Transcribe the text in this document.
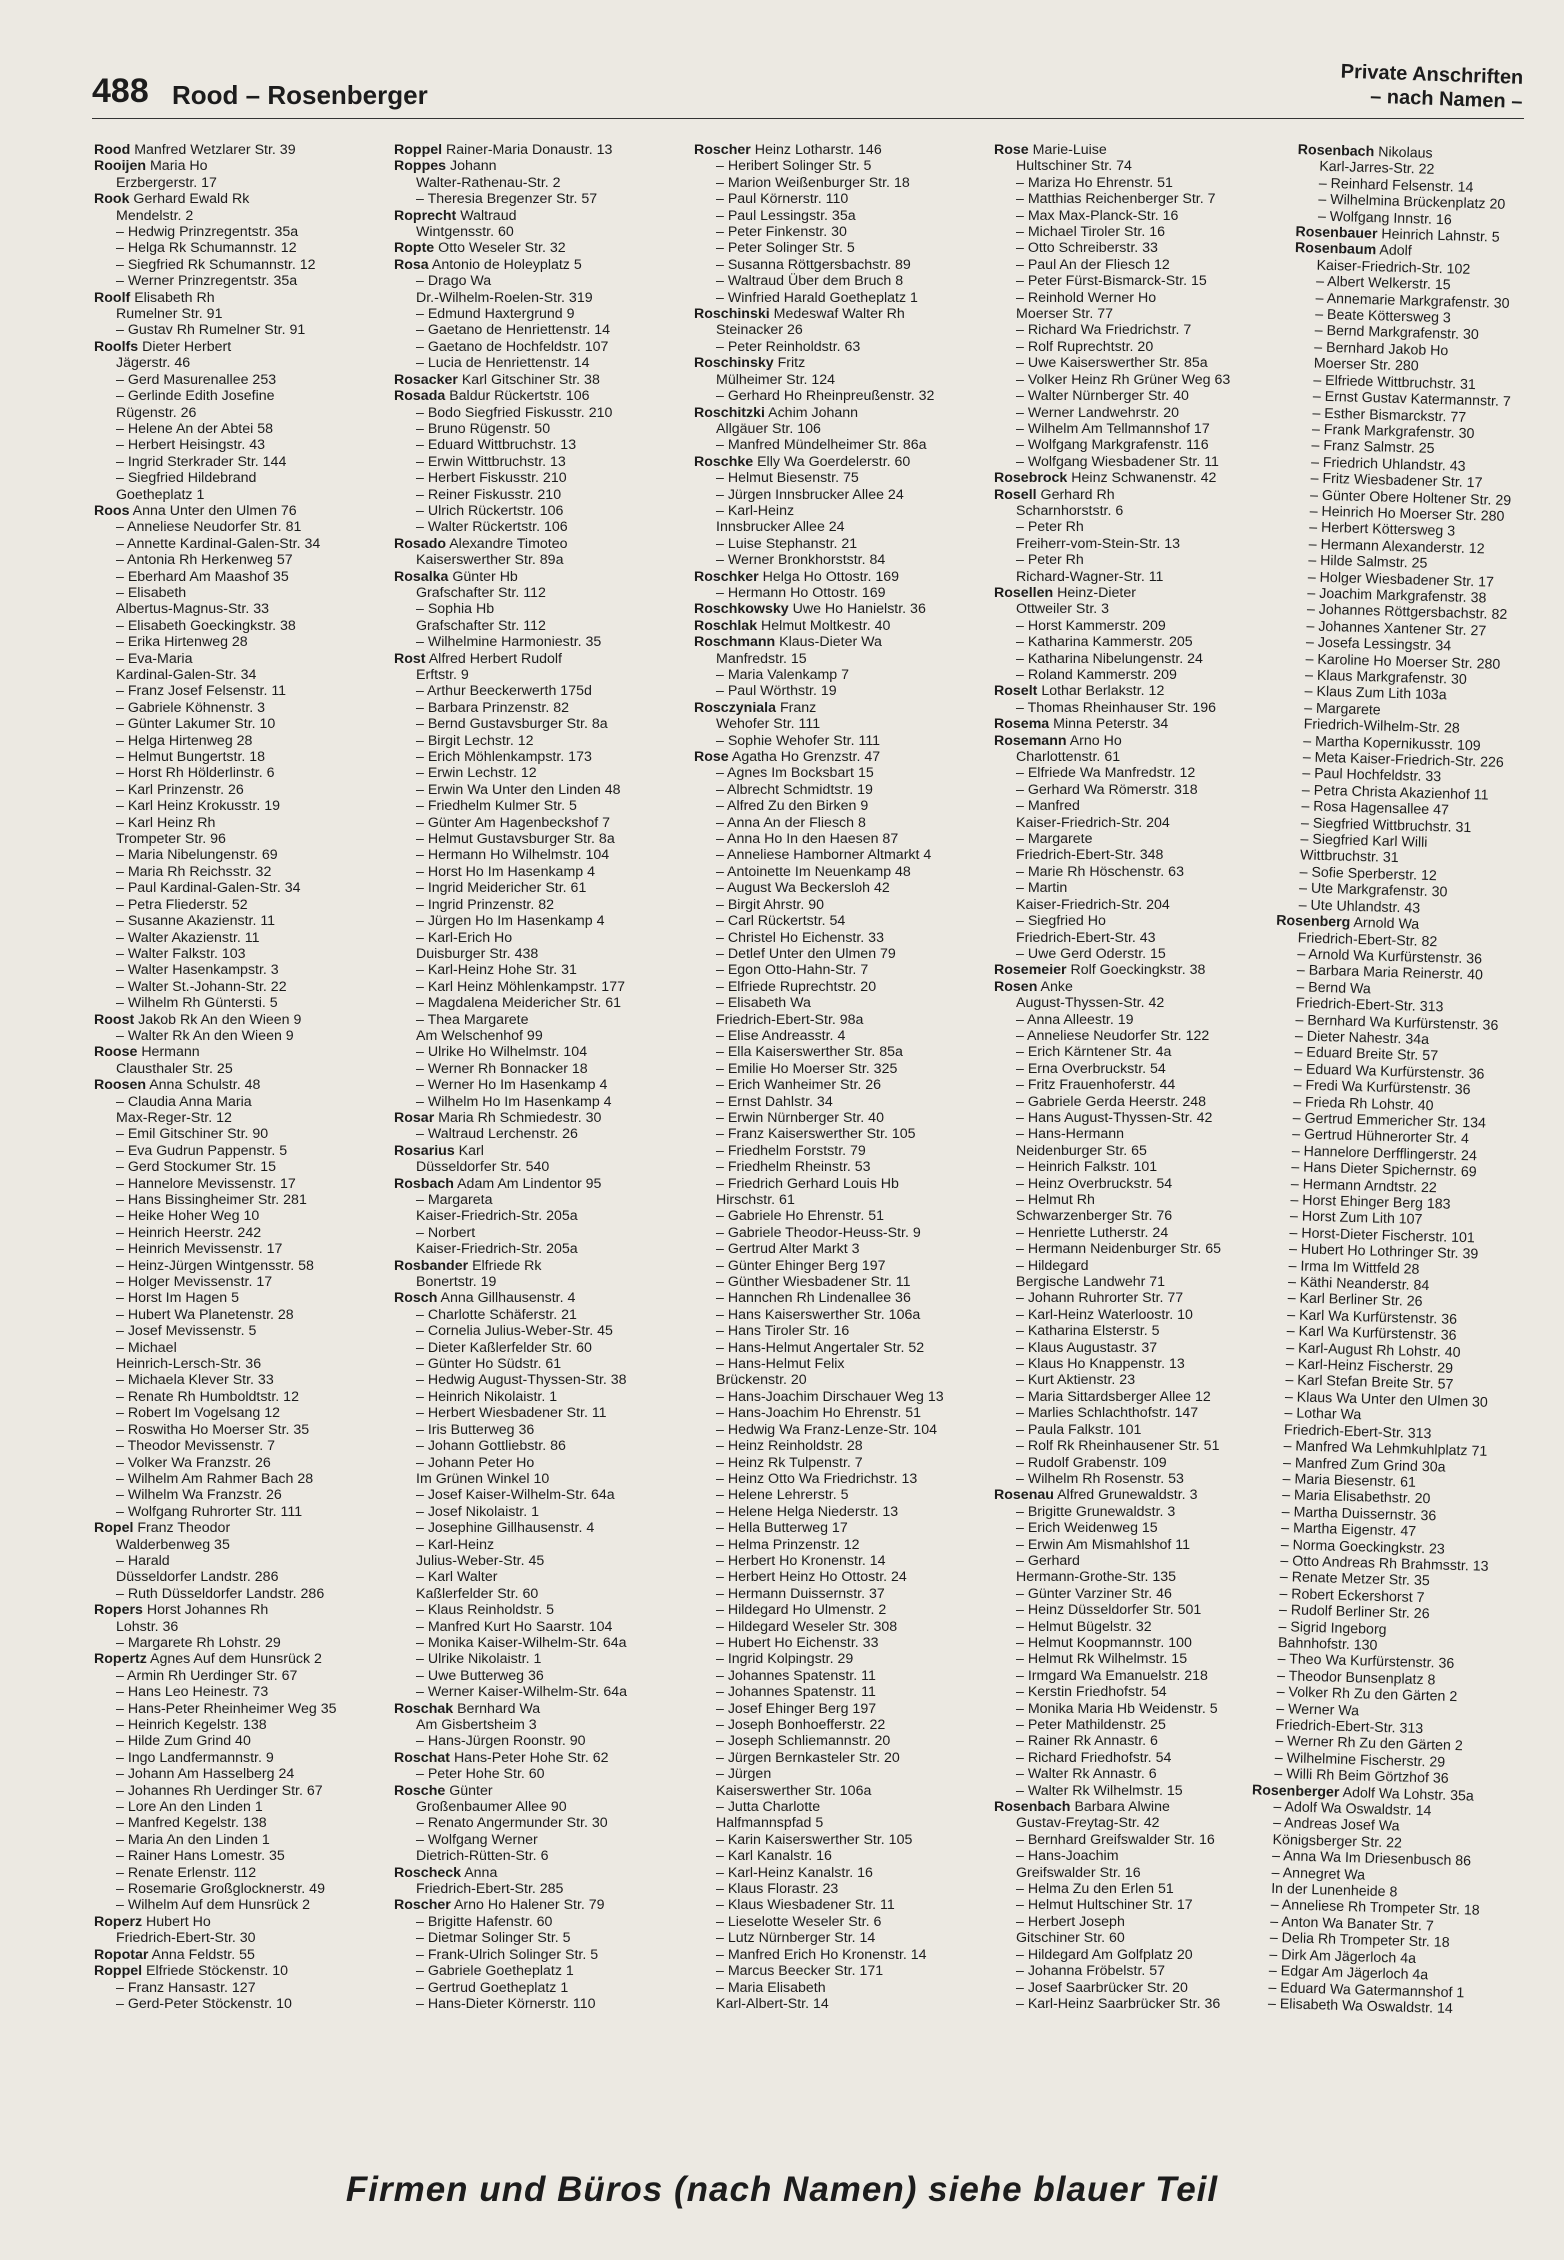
488 Rood – Rosenberger
Private Anschriften
– nach Namen –
Rood Manfred Wetzlarer Str. 39
Rooijen Maria Ho
Erzbergerstr. 17
Rook Gerhard Ewald Rk
Mendelstr. 2
– Hedwig Prinzregentstr. 35a
– Helga Rk Schumannstr. 12
– Siegfried Rk Schumannstr. 12
– Werner Prinzregentstr. 35a
Roolf Elisabeth Rh
Rumelner Str. 91
– Gustav Rh Rumelner Str. 91
Roolfs Dieter Herbert
Jägerstr. 46
– Gerd Masurenallee 253
– Gerlinde Edith Josefine
Rügenstr. 26
– Helene An der Abtei 58
– Herbert Heisingstr. 43
– Ingrid Sterkrader Str. 144
– Siegfried Hildebrand
Goetheplatz 1
Roos Anna Unter den Ulmen 76
– Anneliese Neudorfer Str. 81
– Annette Kardinal-Galen-Str. 34
– Antonia Rh Herkenweg 57
– Eberhard Am Maashof 35
– Elisabeth
Albertus-Magnus-Str. 33
– Elisabeth Goeckingkstr. 38
– Erika Hirtenweg 28
– Eva-Maria
Kardinal-Galen-Str. 34
– Franz Josef Felsenstr. 11
– Gabriele Köhnenstr. 3
– Günter Lakumer Str. 10
– Helga Hirtenweg 28
– Helmut Bungertstr. 18
– Horst Rh Hölderlinstr. 6
– Karl Prinzenstr. 26
– Karl Heinz Krokusstr. 19
– Karl Heinz Rh
Trompeter Str. 96
– Maria Nibelungenstr. 69
– Maria Rh Reichsstr. 32
– Paul Kardinal-Galen-Str. 34
– Petra Fliederstr. 52
– Susanne Akazienstr. 11
– Walter Akazienstr. 11
– Walter Falkstr. 103
– Walter Hasenkampstr. 3
– Walter St.-Johann-Str. 22
– Wilhelm Rh Güntersti. 5
Roost Jakob Rk An den Wieen 9
– Walter Rk An den Wieen 9
Roose Hermann
Clausthaler Str. 25
Roosen Anna Schulstr. 48
– Claudia Anna Maria
Max-Reger-Str. 12
– Emil Gitschiner Str. 90
– Eva Gudrun Pappenstr. 5
– Gerd Stockumer Str. 15
– Hannelore Mevissenstr. 17
– Hans Bissingheimer Str. 281
– Heike Hoher Weg 10
– Heinrich Heerstr. 242
– Heinrich Mevissenstr. 17
– Heinz-Jürgen Wintgensstr. 58
– Holger Mevissenstr. 17
– Horst Im Hagen 5
– Hubert Wa Planetenstr. 28
– Josef Mevissenstr. 5
– Michael
Heinrich-Lersch-Str. 36
– Michaela Klever Str. 33
– Renate Rh Humboldtstr. 12
– Robert Im Vogelsang 12
– Roswitha Ho Moerser Str. 35
– Theodor Mevissenstr. 7
– Volker Wa Franzstr. 26
– Wilhelm Am Rahmer Bach 28
– Wilhelm Wa Franzstr. 26
– Wolfgang Ruhrorter Str. 111
Ropel Franz Theodor
Walderbenweg 35
– Harald
Düsseldorfer Landstr. 286
– Ruth Düsseldorfer Landstr. 286
Ropers Horst Johannes Rh
Lohstr. 36
– Margarete Rh Lohstr. 29
Ropertz Agnes Auf dem Hunsrück 2
– Armin Rh Uerdinger Str. 67
– Hans Leo Heinestr. 73
– Hans-Peter Rheinheimer Weg 35
– Heinrich Kegelstr. 138
– Hilde Zum Grind 40
– Ingo Landfermannstr. 9
– Johann Am Hasselberg 24
– Johannes Rh Uerdinger Str. 67
– Lore An den Linden 1
– Manfred Kegelstr. 138
– Maria An den Linden 1
– Rainer Hans Lomestr. 35
– Renate Erlenstr. 112
– Rosemarie Großglocknerstr. 49
– Wilhelm Auf dem Hunsrück 2
Roperz Hubert Ho
Friedrich-Ebert-Str. 30
Ropotar Anna Feldstr. 55
Roppel Elfriede Stöckenstr. 10
– Franz Hansastr. 127
– Gerd-Peter Stöckenstr. 10
Roppel Rainer-Maria Donaustr. 13
Roppes Johann
Walter-Rathenau-Str. 2
– Theresia Bregenzer Str. 57
Roprecht Waltraud
Wintgensstr. 60
Ropte Otto Weseler Str. 32
Rosa Antonio de Holeyplatz 5
– Drago Wa
Dr.-Wilhelm-Roelen-Str. 319
– Edmund Haxtergrund 9
– Gaetano de Henriettenstr. 14
– Gaetano de Hochfeldstr. 107
– Lucia de Henriettenstr. 14
Rosacker Karl Gitschiner Str. 38
Rosada Baldur Rückertstr. 106
– Bodo Siegfried Fiskusstr. 210
– Bruno Rügenstr. 50
– Eduard Wittbruchstr. 13
– Erwin Wittbruchstr. 13
– Herbert Fiskusstr. 210
– Reiner Fiskusstr. 210
– Ulrich Rückertstr. 106
– Walter Rückertstr. 106
Rosado Alexandre Timoteo
Kaiserswerther Str. 89a
Rosalka Günter Hb
Grafschafter Str. 112
– Sophia Hb
Grafschafter Str. 112
– Wilhelmine Harmoniestr. 35
Rost Alfred Herbert Rudolf
Erftstr. 9
– Arthur Beeckerwerth 175d
– Barbara Prinzenstr. 82
– Bernd Gustavsburger Str. 8a
– Birgit Lechstr. 12
– Erich Möhlenkampstr. 173
– Erwin Lechstr. 12
– Erwin Wa Unter den Linden 48
– Friedhelm Kulmer Str. 5
– Günter Am Hagenbeckshof 7
– Helmut Gustavsburger Str. 8a
– Hermann Ho Wilhelmstr. 104
– Horst Ho Im Hasenkamp 4
– Ingrid Meidericher Str. 61
– Ingrid Prinzenstr. 82
– Jürgen Ho Im Hasenkamp 4
– Karl-Erich Ho
Duisburger Str. 438
– Karl-Heinz Hohe Str. 31
– Karl Heinz Möhlenkampstr. 177
– Magdalena Meidericher Str. 61
– Thea Margarete
Am Welschenhof 99
– Ulrike Ho Wilhelmstr. 104
– Werner Rh Bonnacker 18
– Werner Ho Im Hasenkamp 4
– Wilhelm Ho Im Hasenkamp 4
Rosar Maria Rh Schmiedestr. 30
– Waltraud Lerchenstr. 26
Rosarius Karl
Düsseldorfer Str. 540
Rosbach Adam Am Lindentor 95
– Margareta
Kaiser-Friedrich-Str. 205a
– Norbert
Kaiser-Friedrich-Str. 205a
Rosbander Elfriede Rk
Bonertstr. 19
Rosch Anna Gillhausenstr. 4
– Charlotte Schäferstr. 21
– Cornelia Julius-Weber-Str. 45
– Dieter Kaßlerfelder Str. 60
– Günter Ho Südstr. 61
– Hedwig August-Thyssen-Str. 38
– Heinrich Nikolaistr. 1
– Herbert Wiesbadener Str. 11
– Iris Butterweg 36
– Johann Gottliebstr. 86
– Johann Peter Ho
Im Grünen Winkel 10
– Josef Kaiser-Wilhelm-Str. 64a
– Josef Nikolaistr. 1
– Josephine Gillhausenstr. 4
– Karl-Heinz
Julius-Weber-Str. 45
– Karl Walter
Kaßlerfelder Str. 60
– Klaus Reinholdstr. 5
– Manfred Kurt Ho Saarstr. 104
– Monika Kaiser-Wilhelm-Str. 64a
– Ulrike Nikolaistr. 1
– Uwe Butterweg 36
– Werner Kaiser-Wilhelm-Str. 64a
Roschak Bernhard Wa
Am Gisbertsheim 3
– Hans-Jürgen Roonstr. 90
Roschat Hans-Peter Hohe Str. 62
– Peter Hohe Str. 60
Rosche Günter
Großenbaumer Allee 90
– Renato Angermunder Str. 30
– Wolfgang Werner
Dietrich-Rütten-Str. 6
Roscheck Anna
Friedrich-Ebert-Str. 285
Roscher Arno Ho Halener Str. 79
– Brigitte Hafenstr. 60
– Dietmar Solinger Str. 5
– Frank-Ulrich Solinger Str. 5
– Gabriele Goetheplatz 1
– Gertrud Goetheplatz 1
– Hans-Dieter Körnerstr. 110
Roscher Heinz Lotharstr. 146
– Heribert Solinger Str. 5
– Marion Weißenburger Str. 18
– Paul Körnerstr. 110
– Paul Lessingstr. 35a
– Peter Finkenstr. 30
– Peter Solinger Str. 5
– Susanna Röttgersbachstr. 89
– Waltraud Über dem Bruch 8
– Winfried Harald Goetheplatz 1
Roschinski Medeswaf Walter Rh
Steinacker 26
– Peter Reinholdstr. 63
Roschinsky Fritz
Mülheimer Str. 124
– Gerhard Ho Rheinpreußenstr. 32
Roschitzki Achim Johann
Allgäuer Str. 106
– Manfred Mündelheimer Str. 86a
Roschke Elly Wa Goerdelerstr. 60
– Helmut Biesenstr. 75
– Jürgen Innsbrucker Allee 24
– Karl-Heinz
Innsbrucker Allee 24
– Luise Stephanstr. 21
– Werner Bronkhorststr. 84
Roschker Helga Ho Ottostr. 169
– Hermann Ho Ottostr. 169
Roschkowsky Uwe Ho Hanielstr. 36
Roschlak Helmut Moltkestr. 40
Roschmann Klaus-Dieter Wa
Manfredstr. 15
– Maria Valenkamp 7
– Paul Wörthstr. 19
Rosczyniala Franz
Wehofer Str. 111
– Sophie Wehofer Str. 111
Rose Agatha Ho Grenzstr. 47
– Agnes Im Bocksbart 15
– Albrecht Schmidtstr. 19
– Alfred Zu den Birken 9
– Anna An der Fliesch 8
– Anna Ho In den Haesen 87
– Anneliese Hamborner Altmarkt 4
– Antoinette Im Neuenkamp 48
– August Wa Beckersloh 42
– Birgit Ahrstr. 90
– Carl Rückertstr. 54
– Christel Ho Eichenstr. 33
– Detlef Unter den Ulmen 79
– Egon Otto-Hahn-Str. 7
– Elfriede Ruprechtstr. 20
– Elisabeth Wa
Friedrich-Ebert-Str. 98a
– Elise Andreasstr. 4
– Ella Kaiserswerther Str. 85a
– Emilie Ho Moerser Str. 325
– Erich Wanheimer Str. 26
– Ernst Dahlstr. 34
– Erwin Nürnberger Str. 40
– Franz Kaiserswerther Str. 105
– Friedhelm Forststr. 79
– Friedhelm Rheinstr. 53
– Friedrich Gerhard Louis Hb
Hirschstr. 61
– Gabriele Ho Ehrenstr. 51
– Gabriele Theodor-Heuss-Str. 9
– Gertrud Alter Markt 3
– Günter Ehinger Berg 197
– Günther Wiesbadener Str. 11
– Hannchen Rh Lindenallee 36
– Hans Kaiserswerther Str. 106a
– Hans Tiroler Str. 16
– Hans-Helmut Angertaler Str. 52
– Hans-Helmut Felix
Brückenstr. 20
– Hans-Joachim Dirschauer Weg 13
– Hans-Joachim Ho Ehrenstr. 51
– Hedwig Wa Franz-Lenze-Str. 104
– Heinz Reinholdstr. 28
– Heinz Rk Tulpenstr. 7
– Heinz Otto Wa Friedrichstr. 13
– Helene Lehrerstr. 5
– Helene Helga Niederstr. 13
– Hella Butterweg 17
– Helma Prinzenstr. 12
– Herbert Ho Kronenstr. 14
– Herbert Heinz Ho Ottostr. 24
– Hermann Duissernstr. 37
– Hildegard Ho Ulmenstr. 2
– Hildegard Weseler Str. 308
– Hubert Ho Eichenstr. 33
– Ingrid Kolpingstr. 29
– Johannes Spatenstr. 11
– Johannes Spatenstr. 11
– Josef Ehinger Berg 197
– Joseph Bonhoefferstr. 22
– Joseph Schliemannstr. 20
– Jürgen Bernkasteler Str. 20
– Jürgen
Kaiserswerther Str. 106a
– Jutta Charlotte
Halfmannspfad 5
– Karin Kaiserswerther Str. 105
– Karl Kanalstr. 16
– Karl-Heinz Kanalstr. 16
– Klaus Florastr. 23
– Klaus Wiesbadener Str. 11
– Lieselotte Weseler Str. 6
– Lutz Nürnberger Str. 14
– Manfred Erich Ho Kronenstr. 14
– Marcus Beecker Str. 171
– Maria Elisabeth
Karl-Albert-Str. 14
Rose Marie-Luise
Hultschiner Str. 74
– Mariza Ho Ehrenstr. 51
– Matthias Reichenberger Str. 7
– Max Max-Planck-Str. 16
– Michael Tiroler Str. 16
– Otto Schreiberstr. 33
– Paul An der Fliesch 12
– Peter Fürst-Bismarck-Str. 15
– Reinhold Werner Ho
Moerser Str. 77
– Richard Wa Friedrichstr. 7
– Rolf Ruprechtstr. 20
– Uwe Kaiserswerther Str. 85a
– Volker Heinz Rh Grüner Weg 63
– Walter Nürnberger Str. 40
– Werner Landwehrstr. 20
– Wilhelm Am Tellmannshof 17
– Wolfgang Markgrafenstr. 116
– Wolfgang Wiesbadener Str. 11
Rosebrock Heinz Schwanenstr. 42
Rosell Gerhard Rh
Scharnhorststr. 6
– Peter Rh
Freiherr-vom-Stein-Str. 13
– Peter Rh
Richard-Wagner-Str. 11
Rosellen Heinz-Dieter
Ottweiler Str. 3
– Horst Kammerstr. 209
– Katharina Kammerstr. 205
– Katharina Nibelungenstr. 24
– Roland Kammerstr. 209
Roselt Lothar Berlakstr. 12
– Thomas Rheinhauser Str. 196
Rosema Minna Peterstr. 34
Rosemann Arno Ho
Charlottenstr. 61
– Elfriede Wa Manfredstr. 12
– Gerhard Wa Römerstr. 318
– Manfred
Kaiser-Friedrich-Str. 204
– Margarete
Friedrich-Ebert-Str. 348
– Marie Rh Höschenstr. 63
– Martin
Kaiser-Friedrich-Str. 204
– Siegfried Ho
Friedrich-Ebert-Str. 43
– Uwe Gerd Oderstr. 15
Rosemeier Rolf Goeckingkstr. 38
Rosen Anke
August-Thyssen-Str. 42
– Anna Alleestr. 19
– Anneliese Neudorfer Str. 122
– Erich Kärntener Str. 4a
– Erna Overbruckstr. 54
– Fritz Frauenhoferstr. 44
– Gabriele Gerda Heerstr. 248
– Hans August-Thyssen-Str. 42
– Hans-Hermann
Neidenburger Str. 65
– Heinrich Falkstr. 101
– Heinz Overbruckstr. 54
– Helmut Rh
Schwarzenberger Str. 76
– Henriette Lutherstr. 24
– Hermann Neidenburger Str. 65
– Hildegard
Bergische Landwehr 71
– Johann Ruhrorter Str. 77
– Karl-Heinz Waterloostr. 10
– Katharina Elsterstr. 5
– Klaus Augustastr. 37
– Klaus Ho Knappenstr. 13
– Kurt Aktienstr. 23
– Maria Sittardsberger Allee 12
– Marlies Schlachthofstr. 147
– Paula Falkstr. 101
– Rolf Rk Rheinhausener Str. 51
– Rudolf Grabenstr. 109
– Wilhelm Rh Rosenstr. 53
Rosenau Alfred Grunewaldstr. 3
– Brigitte Grunewaldstr. 3
– Erich Weidenweg 15
– Erwin Am Mismahlshof 11
– Gerhard
Hermann-Grothe-Str. 135
– Günter Varziner Str. 46
– Heinz Düsseldorfer Str. 501
– Helmut Bügelstr. 32
– Helmut Koopmannstr. 100
– Helmut Rk Wilhelmstr. 15
– Irmgard Wa Emanuelstr. 218
– Kerstin Friedhofstr. 54
– Monika Maria Hb Weidenstr. 5
– Peter Mathildenstr. 25
– Rainer Rk Annastr. 6
– Richard Friedhofstr. 54
– Walter Rk Annastr. 6
– Walter Rk Wilhelmstr. 15
Rosenbach Barbara Alwine
Gustav-Freytag-Str. 42
– Bernhard Greifswalder Str. 16
– Hans-Joachim
Greifswalder Str. 16
– Helma Zu den Erlen 51
– Helmut Hultschiner Str. 17
– Herbert Joseph
Gitschiner Str. 60
– Hildegard Am Golfplatz 20
– Johanna Fröbelstr. 57
– Josef Saarbrücker Str. 20
– Karl-Heinz Saarbrücker Str. 36
Rosenbach Nikolaus
Karl-Jarres-Str. 22
– Reinhard Felsenstr. 14
– Wilhelmina Brückenplatz 20
– Wolfgang Innstr. 16
Rosenbauer Heinrich Lahnstr. 5
Rosenbaum Adolf
Kaiser-Friedrich-Str. 102
– Albert Welkerstr. 15
– Annemarie Markgrafenstr. 30
– Beate Köttersweg 3
– Bernd Markgrafenstr. 30
– Bernhard Jakob Ho
Moerser Str. 280
– Elfriede Wittbruchstr. 31
– Ernst Gustav Katermannstr. 7
– Esther Bismarckstr. 77
– Frank Markgrafenstr. 30
– Franz Salmstr. 25
– Friedrich Uhlandstr. 43
– Fritz Wiesbadener Str. 17
– Günter Obere Holtener Str. 29
– Heinrich Ho Moerser Str. 280
– Herbert Köttersweg 3
– Hermann Alexanderstr. 12
– Hilde Salmstr. 25
– Holger Wiesbadener Str. 17
– Joachim Markgrafenstr. 38
– Johannes Röttgersbachstr. 82
– Johannes Xantener Str. 27
– Josefa Lessingstr. 34
– Karoline Ho Moerser Str. 280
– Klaus Markgrafenstr. 30
– Klaus Zum Lith 103a
– Margarete
Friedrich-Wilhelm-Str. 28
– Martha Kopernikusstr. 109
– Meta Kaiser-Friedrich-Str. 226
– Paul Hochfeldstr. 33
– Petra Christa Akazienhof 11
– Rosa Hagensallee 47
– Siegfried Wittbruchstr. 31
– Siegfried Karl Willi
Wittbruchstr. 31
– Sofie Sperberstr. 12
– Ute Markgrafenstr. 30
– Ute Uhlandstr. 43
Rosenberg Arnold Wa
Friedrich-Ebert-Str. 82
– Arnold Wa Kurfürstenstr. 36
– Barbara Maria Reinerstr. 40
– Bernd Wa
Friedrich-Ebert-Str. 313
– Bernhard Wa Kurfürstenstr. 36
– Dieter Nahestr. 34a
– Eduard Breite Str. 57
– Eduard Wa Kurfürstenstr. 36
– Fredi Wa Kurfürstenstr. 36
– Frieda Rh Lohstr. 40
– Gertrud Emmericher Str. 134
– Gertrud Hühnerorter Str. 4
– Hannelore Derfflingerstr. 24
– Hans Dieter Spichernstr. 69
– Hermann Arndtstr. 22
– Horst Ehinger Berg 183
– Horst Zum Lith 107
– Horst-Dieter Fischerstr. 101
– Hubert Ho Lothringer Str. 39
– Irma Im Wittfeld 28
– Käthi Neanderstr. 84
– Karl Berliner Str. 26
– Karl Wa Kurfürstenstr. 36
– Karl Wa Kurfürstenstr. 36
– Karl-August Rh Lohstr. 40
– Karl-Heinz Fischerstr. 29
– Karl Stefan Breite Str. 57
– Klaus Wa Unter den Ulmen 30
– Lothar Wa
Friedrich-Ebert-Str. 313
– Manfred Wa Lehmkuhlplatz 71
– Manfred Zum Grind 30a
– Maria Biesenstr. 61
– Maria Elisabethstr. 20
– Martha Duissernstr. 36
– Martha Eigenstr. 47
– Norma Goeckingkstr. 23
– Otto Andreas Rh Brahmsstr. 13
– Renate Metzer Str. 35
– Robert Eckershorst 7
– Rudolf Berliner Str. 26
– Sigrid Ingeborg
Bahnhofstr. 130
– Theo Wa Kurfürstenstr. 36
– Theodor Bunsenplatz 8
– Volker Rh Zu den Gärten 2
– Werner Wa
Friedrich-Ebert-Str. 313
– Werner Rh Zu den Gärten 2
– Wilhelmine Fischerstr. 29
– Willi Rh Beim Görtzhof 36
Rosenberger Adolf Wa Lohstr. 35a
– Adolf Wa Oswaldstr. 14
– Andreas Josef Wa
Königsberger Str. 22
– Anna Wa Im Driesenbusch 86
– Annegret Wa
In der Lunenheide 8
– Anneliese Rh Trompeter Str. 18
– Anton Wa Banater Str. 7
– Delia Rh Trompeter Str. 18
– Dirk Am Jägerloch 4a
– Edgar Am Jägerloch 4a
– Eduard Wa Gatermannshof 1
– Elisabeth Wa Oswaldstr. 14
Firmen und Büros (nach Namen) siehe blauer Teil
